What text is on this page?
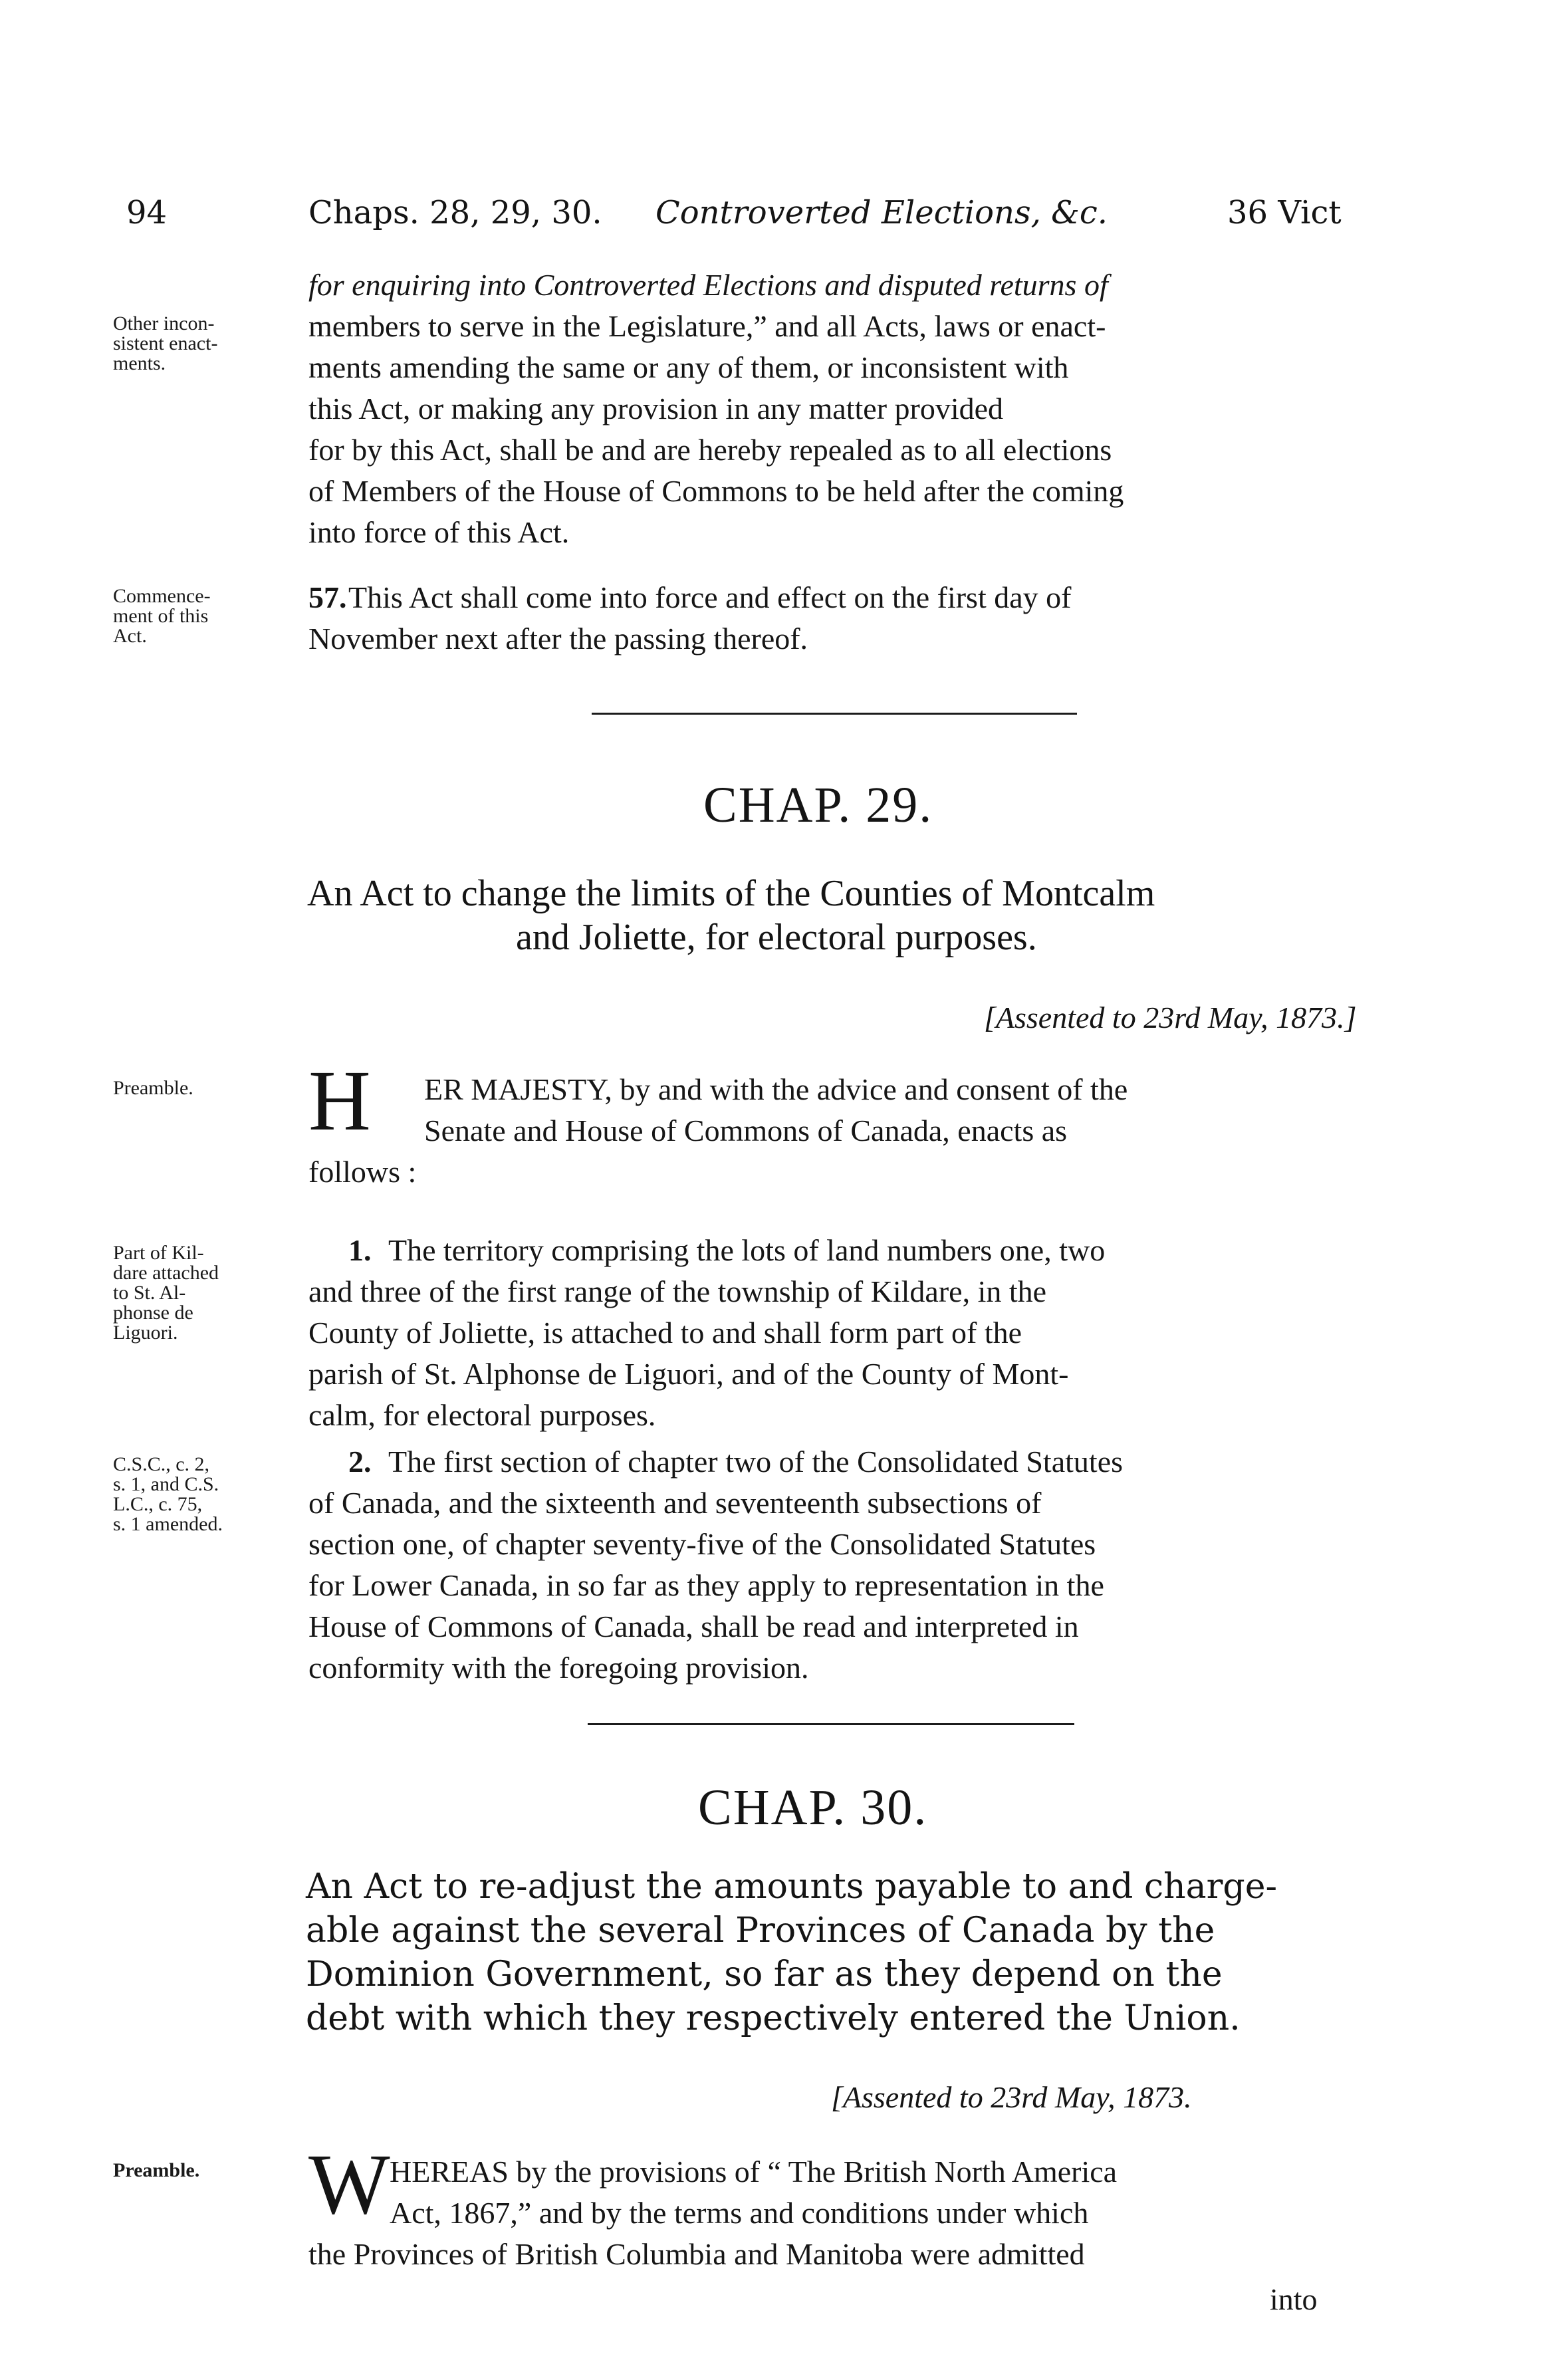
94	Chaps. 28, 29, 30. Controverted Elections, &c.	36 Vict
Other incon-
sistent enact-
ments.
for enquiring into Controverted Elections and disputed returns of
members to serve in the Legislature,” and all Acts, laws or enact-
ments amending the same or any of them, or inconsistent with
this Act, or making any provision in any matter provided
for by this Act, shall be and are hereby repealed as to all elections
of Members of the House of Commons to be held after the coming
into force of this Act.
Commence-
ment of this
Act.
This Act shall come into force and effect on the first day of
57.
November next after the passing thereof.
CHAP. 29.
An Act to change the limits of the Counties of Montcalm
and Joliette, for electoral purposes.
[Assented to 23rd May, 1873.]
Preamble.	H ER MAJESTY, by and with the advice and consent of the
Senate and House of Commons of Canada, enacts as
follows :
Part of Kil-
dare attached
to St. Al-
phonse de
Liguori.
1. The territory comprising the lots of land numbers one, two
and three of the first range of the township of Kildare, in the
County of Joliette, is attached to and shall form part of the
parish of St. Alphonse de Liguori, and of the County of Mont-
calm, for electoral purposes.
C.S.C., c. 2,
s. 1, and C.S.
L.C., c. 75,
s. 1 amended.
2. The first section of chapter two of the Consolidated Statutes
of Canada, and the sixteenth and seventeenth subsections of
section one, of chapter seventy-five of the Consolidated Statutes
for Lower Canada, in so far as they apply to representation in the
House of Commons of Canada, shall be read and interpreted in
conformity with the foregoing provision.
CHAP. 30.
An Act to re-adjust the amounts payable to and charge-
able against the several Provinces of Canada by the
Dominion Government, so far as they depend on the
debt with which they respectively entered the Union.
[Assented to 23rd May, 1873.
Preamble.	W HEREAS by the provisions of “ The British North America
Act, 1867,” and by the terms and conditions under which
the Provinces of British Columbia and Manitoba were admitted
into
